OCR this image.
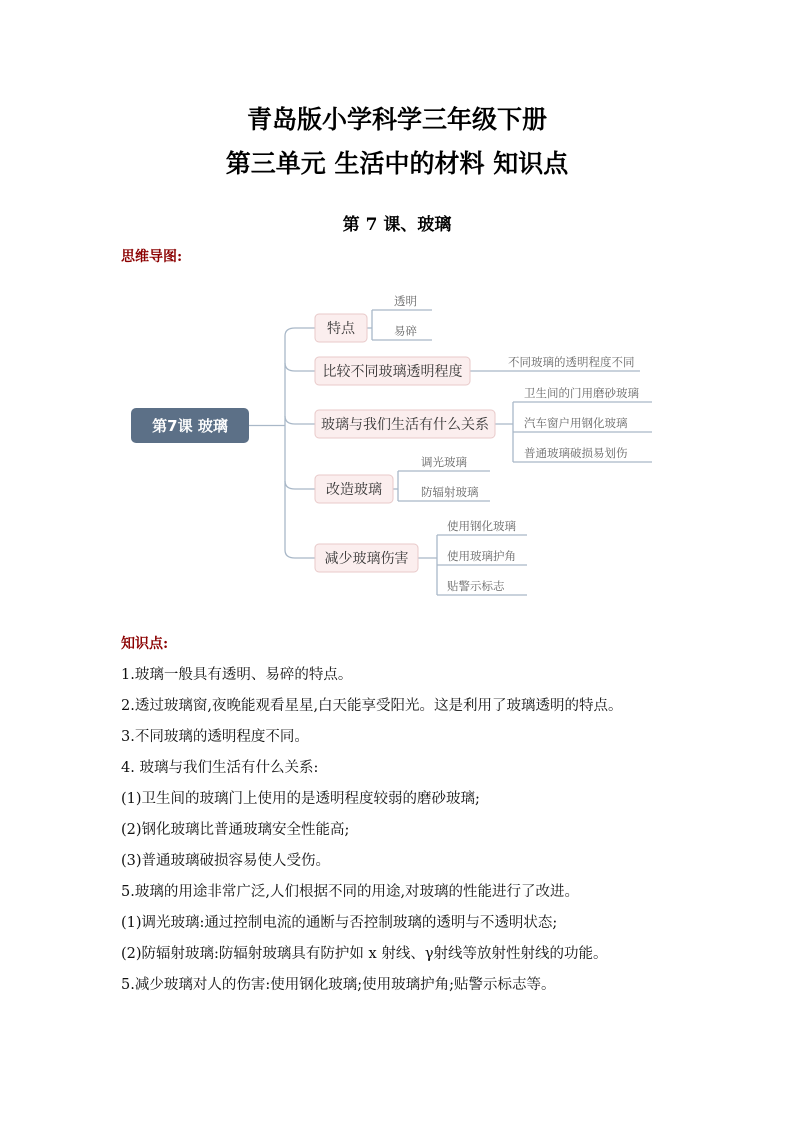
青岛版小学科学三年级下册
第三单元 生活中的材料 知识点
第 7 课、玻璃
思维导图:
第7课 玻璃
特点
透明
易碎
比较不同玻璃透明程度
不同玻璃的透明程度不同
玻璃与我们生活有什么关系
卫生间的门用磨砂玻璃
汽车窗户用钢化玻璃
普通玻璃破损易划伤
改造玻璃
调光玻璃
防辐射玻璃
减少玻璃伤害
使用钢化玻璃
使用玻璃护角
贴警示标志
知识点:
1.玻璃一般具有透明、易碎的特点。
2.透过玻璃窗,夜晚能观看星星,白天能享受阳光。这是利用了玻璃透明的特点。
3.不同玻璃的透明程度不同。
4. 玻璃与我们生活有什么关系:
(1)卫生间的玻璃门上使用的是透明程度较弱的磨砂玻璃;
(2)钢化玻璃比普通玻璃安全性能高;
(3)普通玻璃破损容易使人受伤。
5.玻璃的用途非常广泛,人们根据不同的用途,对玻璃的性能进行了改进。
(1)调光玻璃:通过控制电流的通断与否控制玻璃的透明与不透明状态;
(2)防辐射玻璃:防辐射玻璃具有防护如 x 射线、γ射线等放射性射线的功能。
5.减少玻璃对人的伤害:使用钢化玻璃;使用玻璃护角;贴警示标志等。
